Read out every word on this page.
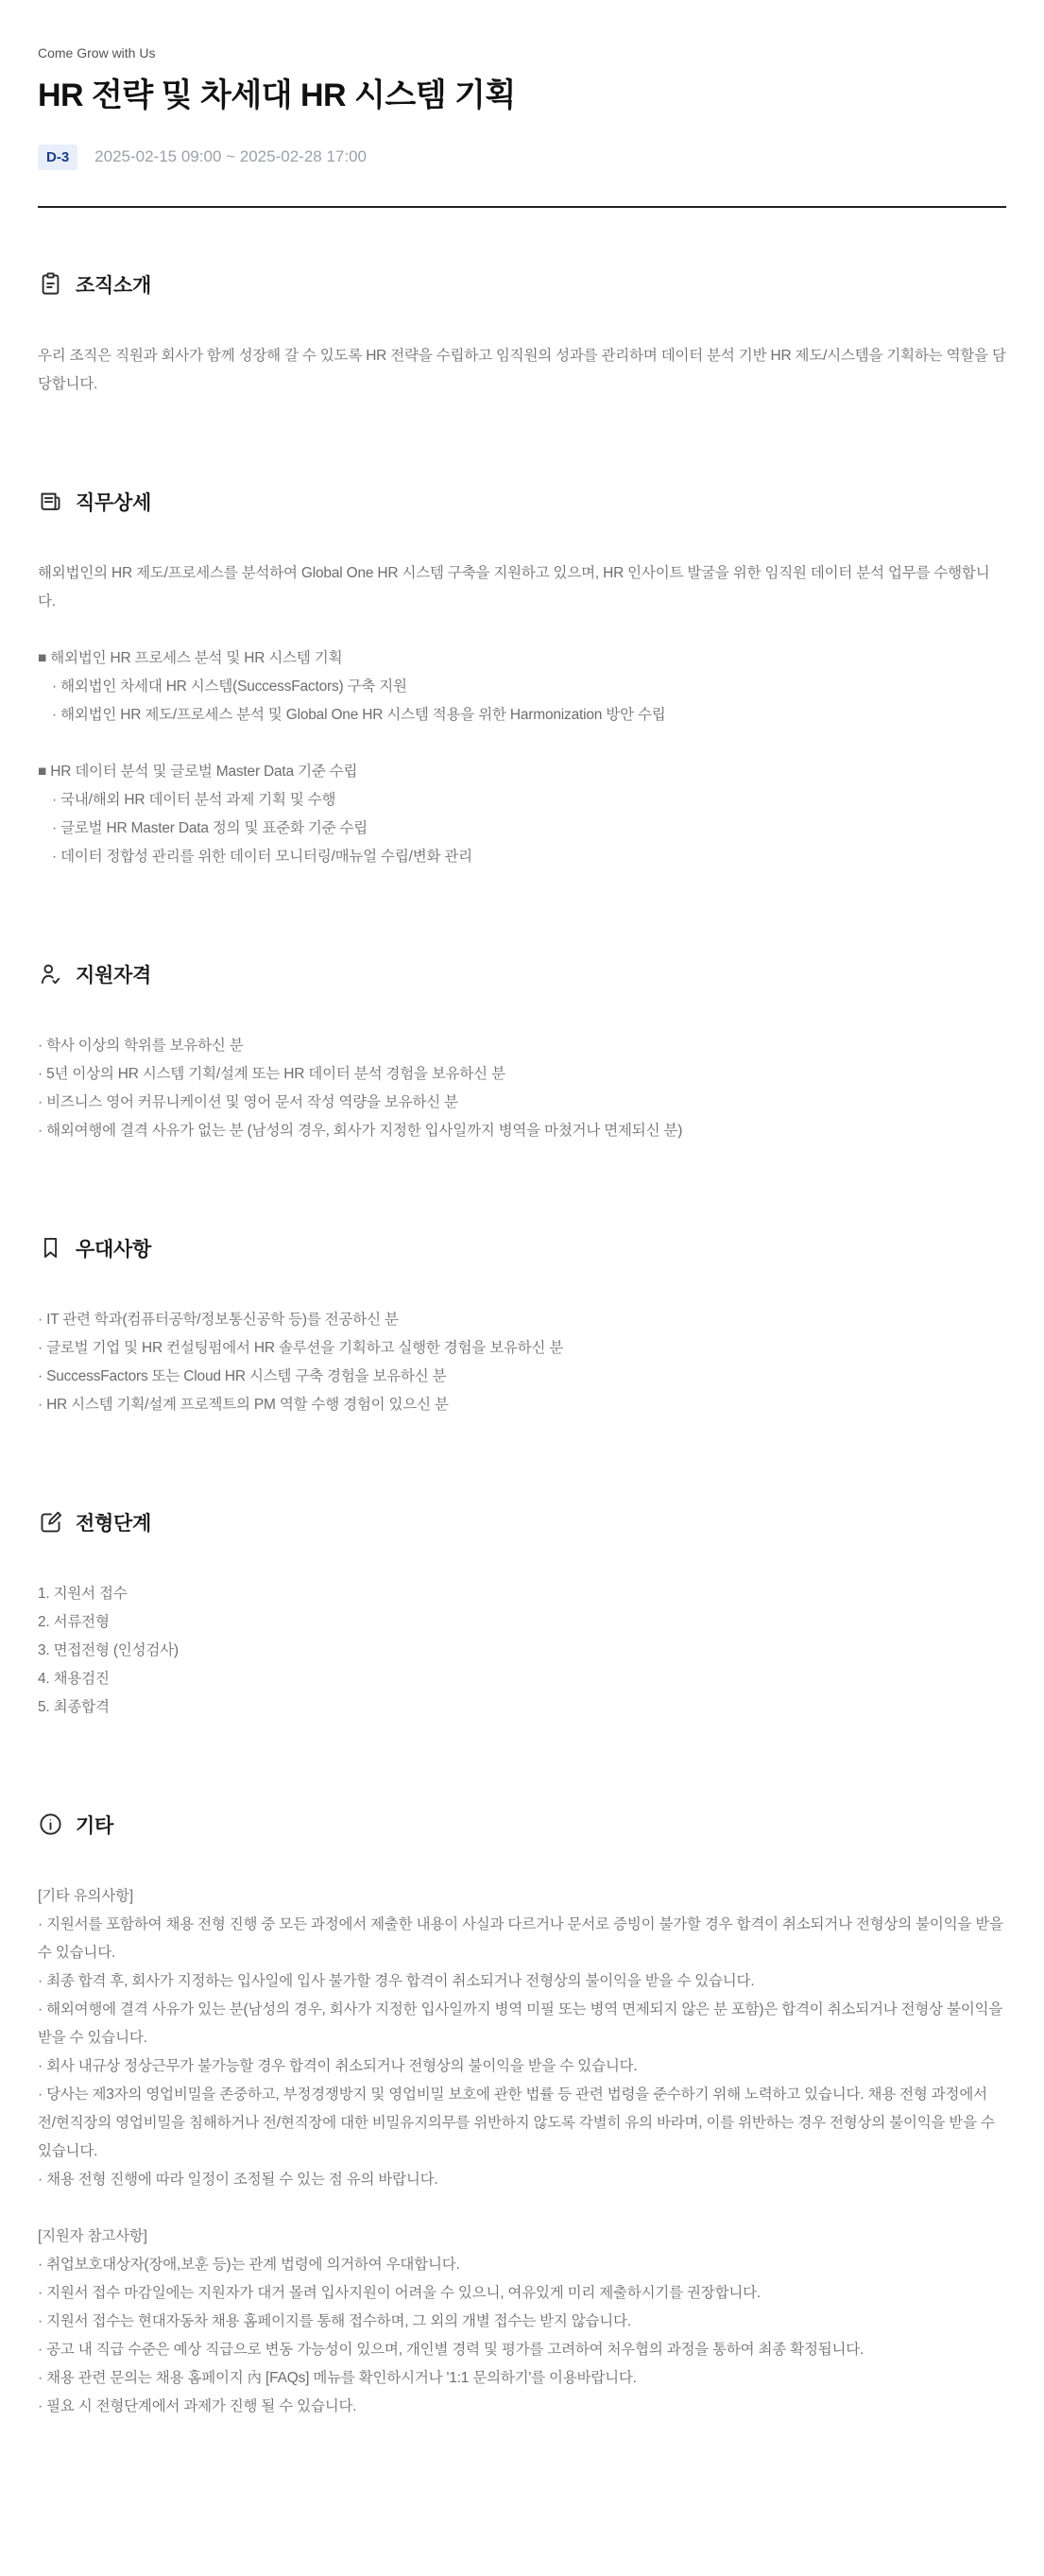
Come Grow with Us
HR 전략 및 차세대 HR 시스템 기획
D-3	2025-02-15 09:00 ~ 2025-02-28 17:00
조직소개

우리 조직은 직원과 회사가 함께 성장해 갈 수 있도록 HR 전략을 수립하고 임직원의 성과를 관리하며 데이터 분석 기반 HR 제도/시스템을 기획하는 역할을 담당합니다.

직무상세

해외법인의 HR 제도/프로세스를 분석하여 Global One HR 시스템 구축을 지원하고 있으며, HR 인사이트 발굴을 위한 임직원 데이터 분석 업무를 수행합니다.

■ 해외법인 HR 프로세스 분석 및 HR 시스템 기획
· 해외법인 차세대 HR 시스템(SuccessFactors) 구축 지원
· 해외법인 HR 제도/프로세스 분석 및 Global One HR 시스템 적용을 위한 Harmonization 방안 수립
■ HR 데이터 분석 및 글로벌 Master Data 기준 수립
· 국내/해외 HR 데이터 분석 과제 기획 및 수행
· 글로벌 HR Master Data 정의 및 표준화 기준 수립
· 데이터 정합성 관리를 위한 데이터 모니터링/매뉴얼 수립/변화 관리
지원자격
· 학사 이상의 학위를 보유하신 분
· 5년 이상의 HR 시스템 기획/설계 또는 HR 데이터 분석 경험을 보유하신 분
· 비즈니스 영어 커뮤니케이션 및 영어 문서 작성 역량을 보유하신 분
· 해외여행에 결격 사유가 없는 분 (남성의 경우, 회사가 지정한 입사일까지 병역을 마쳤거나 면제되신 분)
우대사항
· IT 관련 학과(컴퓨터공학/정보통신공학 등)를 전공하신 분
· 글로벌 기업 및 HR 컨설팅펌에서 HR 솔루션을 기획하고 실행한 경험을 보유하신 분
· SuccessFactors 또는 Cloud HR 시스템 구축 경험을 보유하신 분
· HR 시스템 기획/설계 프로젝트의 PM 역할 수행 경험이 있으신 분
전형단계
1. 지원서 접수
2. 서류전형
3. 면접전형 (인성검사)
4. 채용검진
5. 최종합격
기타
[기타 유의사항]
· 지원서를 포함하여 채용 전형 진행 중 모든 과정에서 제출한 내용이 사실과 다르거나 문서로 증빙이 불가할 경우 합격이 취소되거나 전형상의 불이익을 받을 수 있습니다.
· 최종 합격 후, 회사가 지정하는 입사일에 입사 불가할 경우 합격이 취소되거나 전형상의 불이익을 받을 수 있습니다.
· 해외여행에 결격 사유가 있는 분(남성의 경우, 회사가 지정한 입사일까지 병역 미필 또는 병역 면제되지 않은 분 포함)은 합격이 취소되거나 전형상 불이익을 받을 수 있습니다.
· 회사 내규상 정상근무가 불가능할 경우 합격이 취소되거나 전형상의 불이익을 받을 수 있습니다.
· 당사는 제3자의 영업비밀을 존중하고, 부정경쟁방지 및 영업비밀 보호에 관한 법률 등 관련 법령을 준수하기 위해 노력하고 있습니다. 채용 전형 과정에서 전/현직장의 영업비밀을 침해하거나 전/현직장에 대한 비밀유지의무를 위반하지 않도록 각별히 유의 바라며, 이를 위반하는 경우 전형상의 불이익을 받을 수 있습니다.
· 채용 전형 진행에 따라 일정이 조정될 수 있는 점 유의 바랍니다.
[지원자 참고사항]
· 취업보호대상자(장애,보훈 등)는 관계 법령에 의거하여 우대합니다.
· 지원서 접수 마감일에는 지원자가 대거 몰려 입사지원이 어려울 수 있으니, 여유있게 미리 제출하시기를 권장합니다.
· 지원서 접수는 현대자동차 채용 홈페이지를 통해 접수하며, 그 외의 개별 접수는 받지 않습니다.
· 공고 내 직급 수준은 예상 직급으로 변동 가능성이 있으며, 개인별 경력 및 평가를 고려하여 처우협의 과정을 통하여 최종 확정됩니다.
· 채용 관련 문의는 채용 홈페이지 內 [FAQs] 메뉴를 확인하시거나 '1:1 문의하기'를 이용바랍니다.
· 필요 시 전형단계에서 과제가 진행 될 수 있습니다.
